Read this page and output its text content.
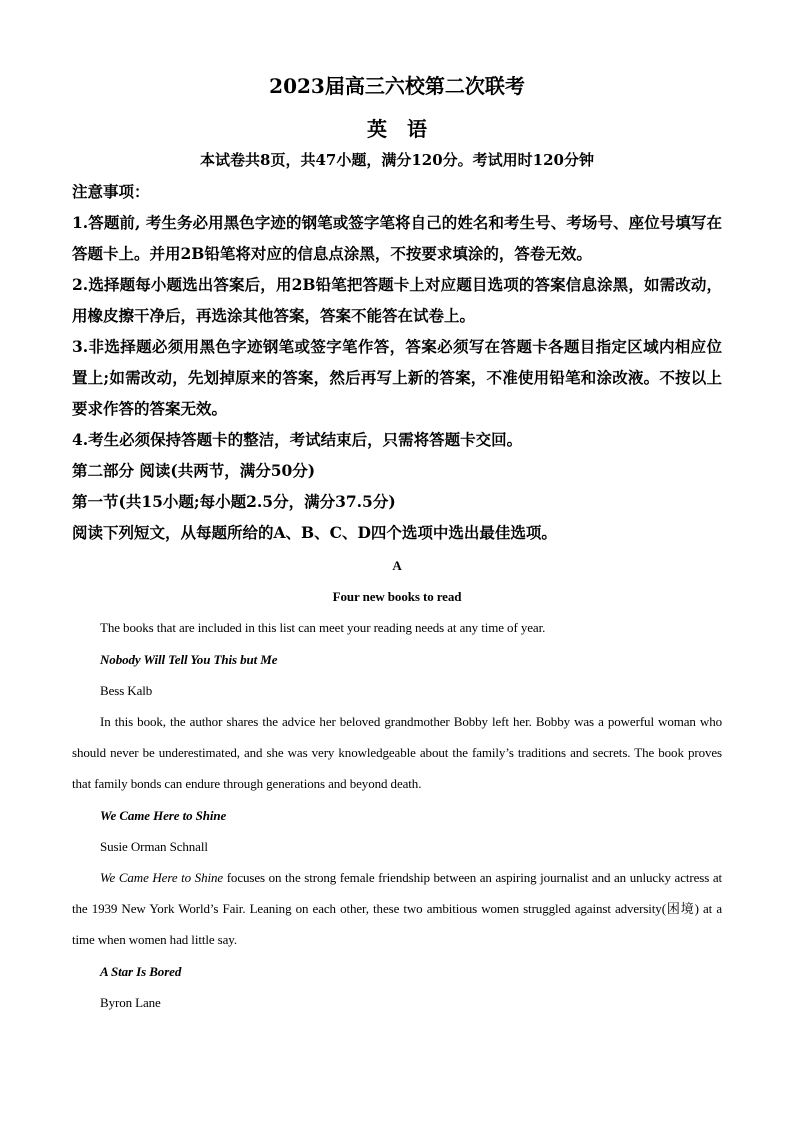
2023届高三六校第二次联考
英语
本试卷共8页，共47小题，满分120分。考试用时120分钟

注意事项：

1.答题前, 考生务必用黑色字迹的钢笔或签字笔将自己的姓名和考生号、考场号、座位号填写在答题卡上。并用2B铅笔将对应的信息点涂黑，不按要求填涂的，答卷无效。

2.选择题每小题选出答案后，用2B铅笔把答题卡上对应题目选项的答案信息涂黑，如需改动，用橡皮擦干净后，再选涂其他答案，答案不能答在试卷上。

3.非选择题必须用黑色字迹钢笔或签字笔作答，答案必须写在答题卡各题目指定区域内相应位置上;如需改动，先划掉原来的答案，然后再写上新的答案，不准使用铅笔和涂改液。不按以上要求作答的答案无效。

4.考生必须保持答题卡的整洁，考试结束后，只需将答题卡交回。

第二部分 阅读(共两节，满分50分)

第一节(共15小题;每小题2.5分，满分37.5分)

阅读下列短文，从每题所给的A、B、C、D四个选项中选出最佳选项。

A

Four new books to read

The books that are included in this list can meet your reading needs at any time of year.

Nobody Will Tell You This but Me

Bess Kalb

In this book, the author shares the advice her beloved grandmother Bobby left her. Bobby was a powerful woman who should never be underestimated, and she was very knowledgeable about the family’s traditions and secrets. The book proves that family bonds can endure through generations and beyond death.

We Came Here to Shine

Susie Orman Schnall

We Came Here to Shine focuses on the strong female friendship between an aspiring journalist and an unlucky actress at the 1939 New York World’s Fair. Leaning on each other, these two ambitious women struggled against adversity(困境) at a time when women had little say.

A Star Is Bored

Byron Lane
